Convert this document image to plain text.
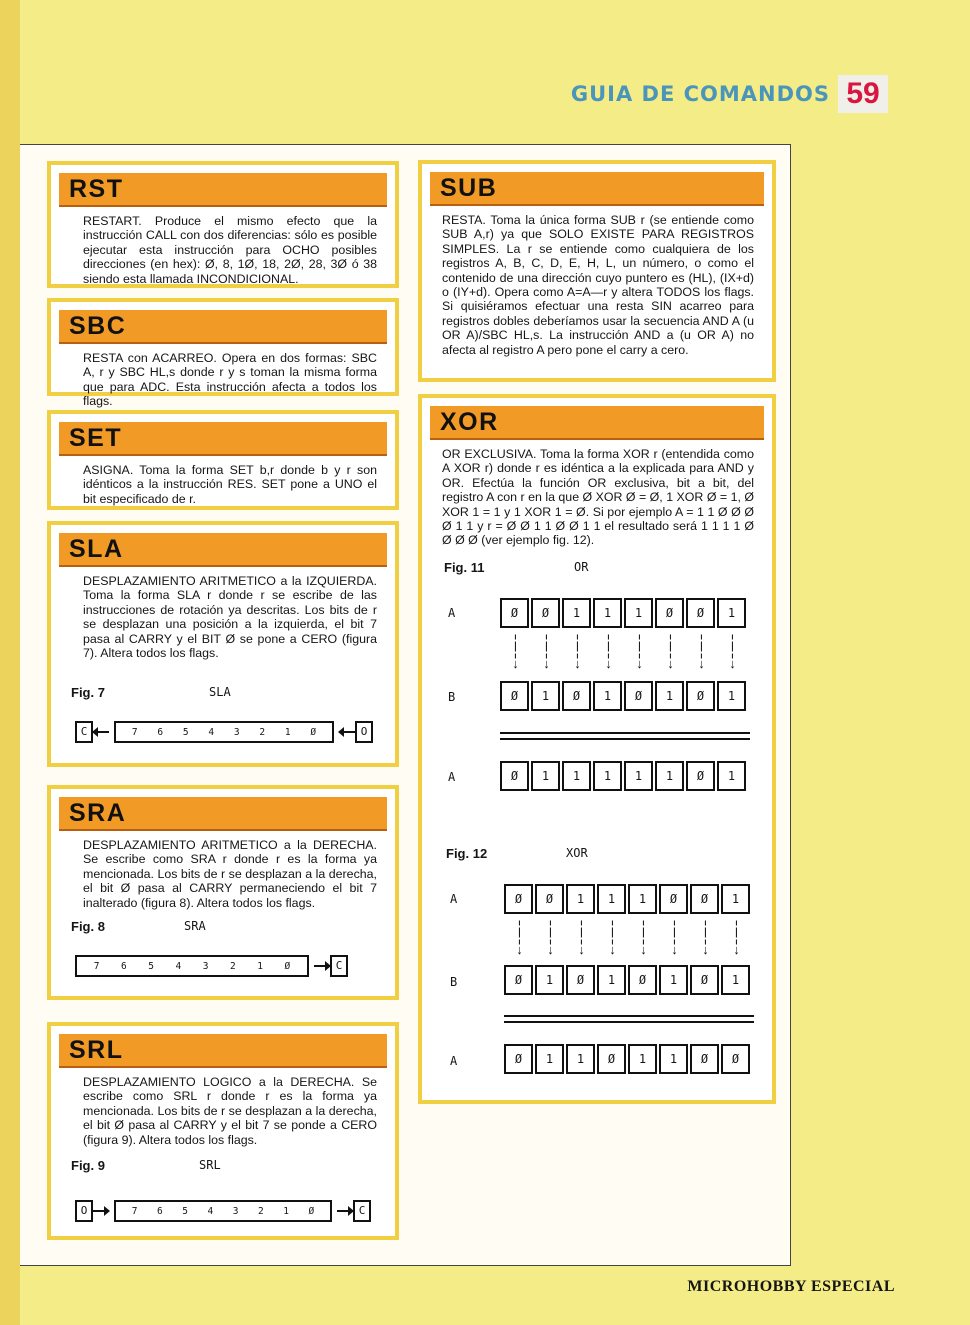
GUIA DE COMANDOS 59
RST
RESTART. Produce el mismo efecto que la instrucción CALL con dos diferencias: sólo es posible ejecutar esta instrucción para OCHO posibles direcciones (en hex): Ø, 8, 1Ø, 18, 2Ø, 28, 3Ø ó 38 siendo esta llamada INCONDICIONAL.
SBC
RESTA con ACARREO. Opera en dos formas: SBC A, r y SBC HL,s donde r y s toman la misma forma que para ADC. Esta instrucción afecta a todos los flags.
SET
ASIGNA. Toma la forma SET b,r donde b y r son idénticos a la instrucción RES. SET pone a UNO el bit especificado de r.
SLA
DESPLAZAMIENTO ARITMETICO a la IZQUIERDA. Toma la forma SLA r donde r se escribe de las instrucciones de rotación ya descritas. Los bits de r se desplazan una posición a la izquierda, el bit 7 pasa al CARRY y el BIT Ø se pone a CERO (figura 7). Altera todos los flags.
Fig. 7	SLA
C	7 6 5 4 3 2 1 Ø	O
SRA
DESPLAZAMIENTO ARITMETICO a la DERECHA. Se escribe como SRA r donde r es la forma ya mencionada. Los bits de r se desplazan a la derecha, el bit Ø pasa al CARRY permaneciendo el bit 7 inalterado (figura 8). Altera todos los flags.
Fig. 8	SRA
7 6 5 4 3 2 1 Ø	C
SRL
DESPLAZAMIENTO LOGICO a la DERECHA. Se escribe como SRL r donde r es la forma ya mencionada. Los bits de r se desplazan a la derecha, el bit Ø pasa al CARRY y el bit 7 se ponde a CERO (figura 9). Altera todos los flags.
Fig. 9	SRL
O	7 6 5 4 3 2 1 Ø	C
SUB
RESTA. Toma la única forma SUB r (se entiende como SUB A,r) ya que SOLO EXISTE PARA REGISTROS SIMPLES. La r se entiende como cualquiera de los registros A, B, C, D, E, H, L, un número, o como el contenido de una dirección cuyo puntero es (HL), (IX+d) o (IY+d). Opera como A=A—r y altera TODOS los flags. Si quisiéramos efectuar una resta SIN acarreo para registros dobles deberíamos usar la secuencia AND A (u OR A)/SBC HL,s. La instrucción AND a (u OR A) no afecta al registro A pero pone el carry a cero.
XOR
OR EXCLUSIVA. Toma la forma XOR r (entendida como A XOR r) donde r es idéntica a la explicada para AND y OR. Efectúa la función OR exclusiva, bit a bit, del registro A con r en la que Ø XOR Ø = Ø, 1 XOR Ø = 1, Ø XOR 1 = 1 y 1 XOR 1 = Ø. Si por ejemplo A = 1 1 Ø Ø Ø Ø 1 1 y r = Ø Ø 1 1 Ø Ø 1 1 el resultado será 1 1 1 1 Ø Ø Ø Ø (ver ejemplo fig. 12).
Fig. 11	OR
A	Ø	Ø	1	1	1	Ø	Ø	1
¦
¦
↓
¦
¦
↓
¦
¦
↓
¦
¦
↓
¦
¦
↓
¦
¦
↓
¦
¦
↓
¦
¦
↓
B	Ø	1	Ø	1	Ø	1	Ø	1
A	Ø	1	1	1	1	1	Ø	1
Fig. 12	XOR
A	Ø	Ø	1	1	1	Ø	Ø	1
¦
¦
↓
¦
¦
↓
¦
¦
↓
¦
¦
↓
¦
¦
↓
¦
¦
↓
¦
¦
↓
¦
¦
↓
B	Ø	1	Ø	1	Ø	1	Ø	1
A	Ø	1	1	Ø	1	1	Ø	Ø
MICROHOBBY ESPECIAL
